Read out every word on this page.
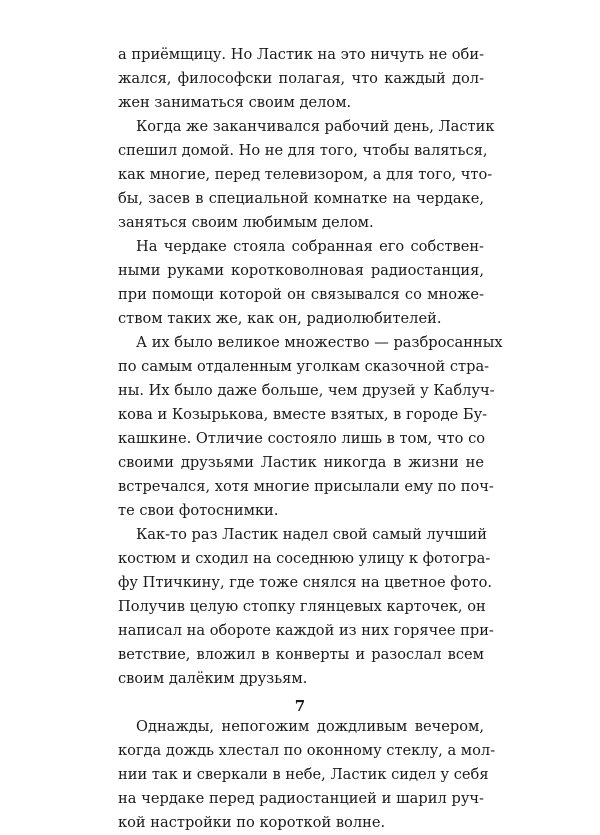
а приёмщицу. Но Ластик на это ничуть не оби-
жался, философски полагая, что каждый дол-
жен заниматься своим делом.
Когда же заканчивался рабочий день, Ластик
спешил домой. Но не для того, чтобы валяться,
как многие, перед телевизором, а для того, что-
бы, засев в специальной комнатке на чердаке,
заняться своим любимым делом.
На чердаке стояла собранная его собствен-
ными руками коротковолновая радиостанция,
при помощи которой он связывался со множе-
ством таких же, как он, радиолюбителей.
А их было великое множество — разбросанных
по самым отдаленным уголкам сказочной стра-
ны. Их было даже больше, чем друзей у Каблуч-
кова и Козырькова, вместе взятых, в городе Бу-
кашкине. Отличие состояло лишь в том, что со
своими друзьями Ластик никогда в жизни не
встречался, хотя многие присылали ему по поч-
те свои фотоснимки.
Как-то раз Ластик надел свой самый лучший
костюм и сходил на соседнюю улицу к фотогра-
фу Птичкину, где тоже снялся на цветное фото.
Получив целую стопку глянцевых карточек, он
написал на обороте каждой из них горячее при-
ветствие, вложил в конверты и разослал всем
своим далёким друзьям.
Однажды, непогожим дождливым вечером,
когда дождь хлестал по оконному стеклу, а мол-
нии так и сверкали в небе, Ластик сидел у себя
на чердаке перед радиостанцией и шарил руч-
кой настройки по короткой волне.
7
